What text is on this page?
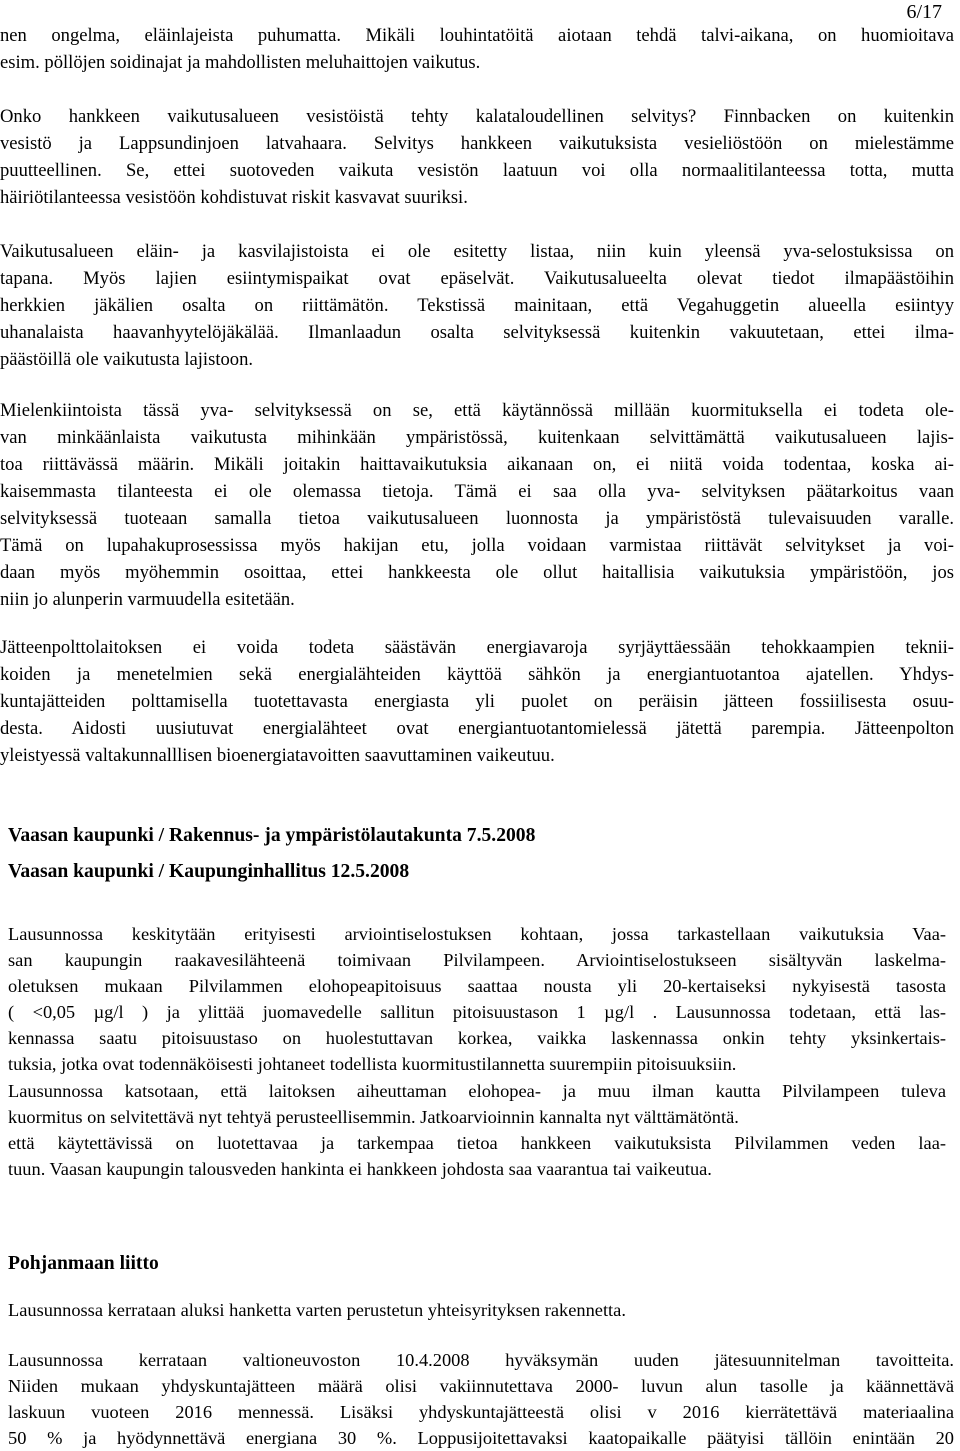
6/17
nen ongelma, eläinlajeista puhumatta. Mikäli louhintatöitä aiotaan tehdä talvi-aikana, on huomioitava
esim. pöllöjen soidinajat ja mahdollisten meluhaittojen vaikutus.
Onko hankkeen vaikutusalueen vesistöistä tehty kalataloudellinen selvitys? Finnbacken on kuitenkin
vesistö ja Lappsundinjoen latvahaara. Selvitys hankkeen vaikutuksista vesieliöstöön on mielestämme
puutteellinen. Se, ettei suotoveden vaikuta vesistön laatuun voi olla normaalitilanteessa totta, mutta
häiriötilanteessa vesistöön kohdistuvat riskit kasvavat suuriksi.
Vaikutusalueen eläin- ja kasvilajistoista ei ole esitetty listaa, niin kuin yleensä yva-selostuksissa on
tapana. Myös lajien esiintymispaikat ovat epäselvät. Vaikutusalueelta olevat tiedot ilmapäästöihin
herkkien jäkälien osalta on riittämätön. Tekstissä mainitaan, että Vegahuggetin alueella esiintyy
uhanalaista haavanhyytelöjäkälää. Ilmanlaadun osalta selvityksessä kuitenkin vakuutetaan, ettei ilma-
päästöillä ole vaikutusta lajistoon.
Mielenkiintoista tässä yva- selvityksessä on se, että käytännössä millään kuormituksella ei todeta ole-
van minkäänlaista vaikutusta mihinkään ympäristössä, kuitenkaan selvittämättä vaikutusalueen lajis-
toa riittävässä määrin. Mikäli joitakin haittavaikutuksia aikanaan on, ei niitä voida todentaa, koska ai-
kaisemmasta tilanteesta ei ole olemassa tietoja. Tämä ei saa olla yva- selvityksen päätarkoitus vaan
selvityksessä tuoteaan samalla tietoa vaikutusalueen luonnosta ja ympäristöstä tulevaisuuden varalle.
Tämä on lupahakuprosessissa myös hakijan etu, jolla voidaan varmistaa riittävät selvitykset ja voi-
daan myös myöhemmin osoittaa, ettei hankkeesta ole ollut haitallisia vaikutuksia ympäristöön, jos
niin jo alunperin varmuudella esitetään.
Jätteenpolttolaitoksen ei voida todeta säästävän energiavaroja syrjäyttäessään tehokkaampien teknii-
koiden ja menetelmien sekä energialähteiden käyttöä sähkön ja energiantuotantoa ajatellen. Yhdys-
kuntajätteiden polttamisella tuotettavasta energiasta yli puolet on peräisin jätteen fossiilisesta osuu-
desta. Aidosti uusiutuvat energialähteet ovat energiantuotantomielessä jätettä parempia. Jätteenpolton
yleistyessä valtakunnalllisen bioenergiatavoitten saavuttaminen vaikeutuu.
Vaasan kaupunki / Rakennus- ja ympäristölautakunta 7.5.2008
Vaasan kaupunki / Kaupunginhallitus 12.5.2008
Lausunnossa keskitytään erityisesti arviointiselostuksen kohtaan, jossa tarkastellaan vaikutuksia Vaa-
san kaupungin raakavesilähteenä toimivaan Pilvilampeen. Arviointiselostukseen sisältyvän laskelma-
oletuksen mukaan Pilvilammen elohopeapitoisuus saattaa nousta yli 20-kertaiseksi nykyisestä tasosta
( <0,05 µg/l ) ja ylittää juomavedelle sallitun pitoisuustason 1 µg/l . Lausunnossa todetaan, että las-
kennassa saatu pitoisuustaso on huolestuttavan korkea, vaikka laskennassa onkin tehty yksinkertais-
tuksia, jotka ovat todennäköisesti johtaneet todellista kuormitustilannetta suurempiin pitoisuuksiin.
Lausunnossa katsotaan, että laitoksen aiheuttaman elohopea- ja muu ilman kautta Pilvilampeen tuleva
kuormitus on selvitettävä nyt tehtyä perusteellisemmin. Jatkoarvioinnin kannalta nyt välttämätöntä.
että käytettävissä on luotettavaa ja tarkempaa tietoa hankkeen vaikutuksista Pilvilammen veden laa-
tuun. Vaasan kaupungin talousveden hankinta ei hankkeen johdosta saa vaarantua tai vaikeutua.
Pohjanmaan liitto
Lausunnossa kerrataan aluksi hanketta varten perustetun yhteisyrityksen rakennetta.
Lausunnossa kerrataan valtioneuvoston 10.4.2008 hyväksymän uuden jätesuunnitelman tavoitteita.
Niiden mukaan yhdyskuntajätteen määrä olisi vakiinnutettava 2000- luvun alun tasolle ja käännettävä
laskuun vuoteen 2016 mennessä. Lisäksi yhdyskuntajätteestä olisi v 2016 kierrätettävä materiaalina
50 % ja hyödynnettävä energiana 30 %. Loppusijoitettavaksi kaatopaikalle päätyisi tällöin enintään 20
